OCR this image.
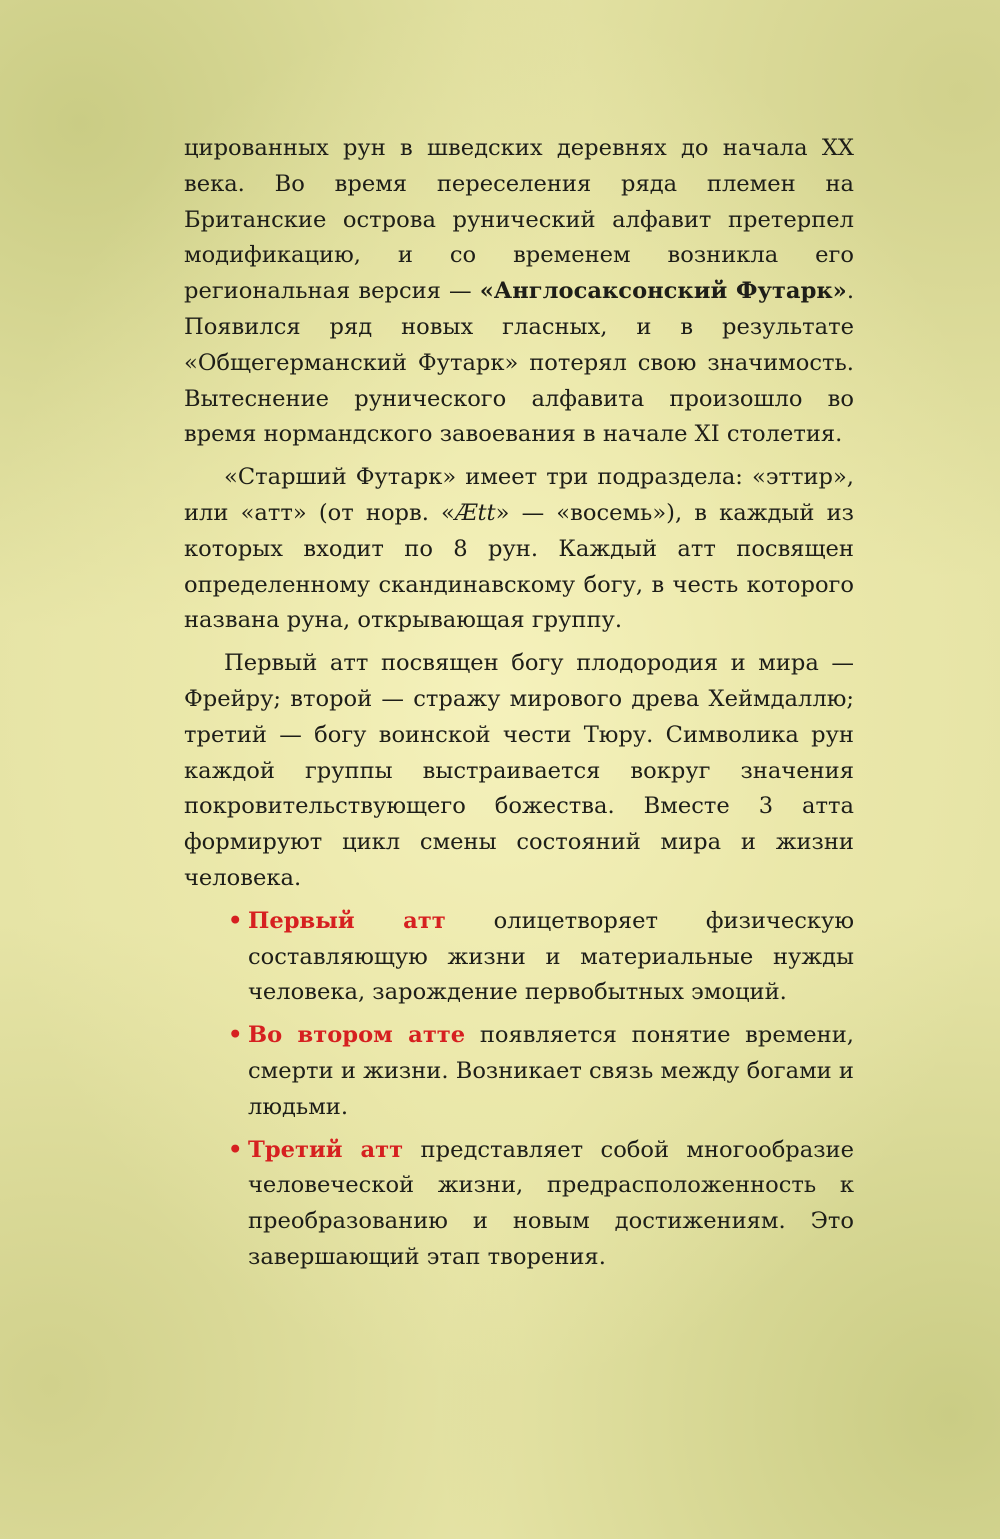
цированных рун в шведских деревнях до начала XX века. Во время переселения ряда племен на Британские острова рунический алфавит претерпел модификацию, и со временем возникла его региональная версия — «Англосаксонский Футарк». Появился ряд новых гласных, и в результате «Общегерманский Футарк» потерял свою значимость. Вытеснение рунического алфавита произошло во время нормандского завоевания в начале XI столетия.

«Старший Футарк» имеет три подраздела: «эттир», или «атт» (от норв. «Ætt» — «восемь»), в каждый из которых входит по 8 рун. Каждый атт посвящен определенному скандинавскому богу, в честь которого названа руна, открывающая группу.

Первый атт посвящен богу плодородия и мира — Фрейру; второй — стражу мирового древа Хеймдаллю; третий — богу воинской чести Тюру. Символика рун каждой группы выстраивается вокруг значения покровительствующего божества. Вместе 3 атта формируют цикл смены состояний мира и жизни человека.

• Первый атт олицетворяет физическую составляющую жизни и материальные нужды человека, зарождение первобытных эмоций.
• Во втором атте появляется понятие времени, смерти и жизни. Возникает связь между богами и людьми.
• Третий атт представляет собой многообразие человеческой жизни, предрасположенность к преобразованию и новым достижениям. Это завершающий этап творения.
